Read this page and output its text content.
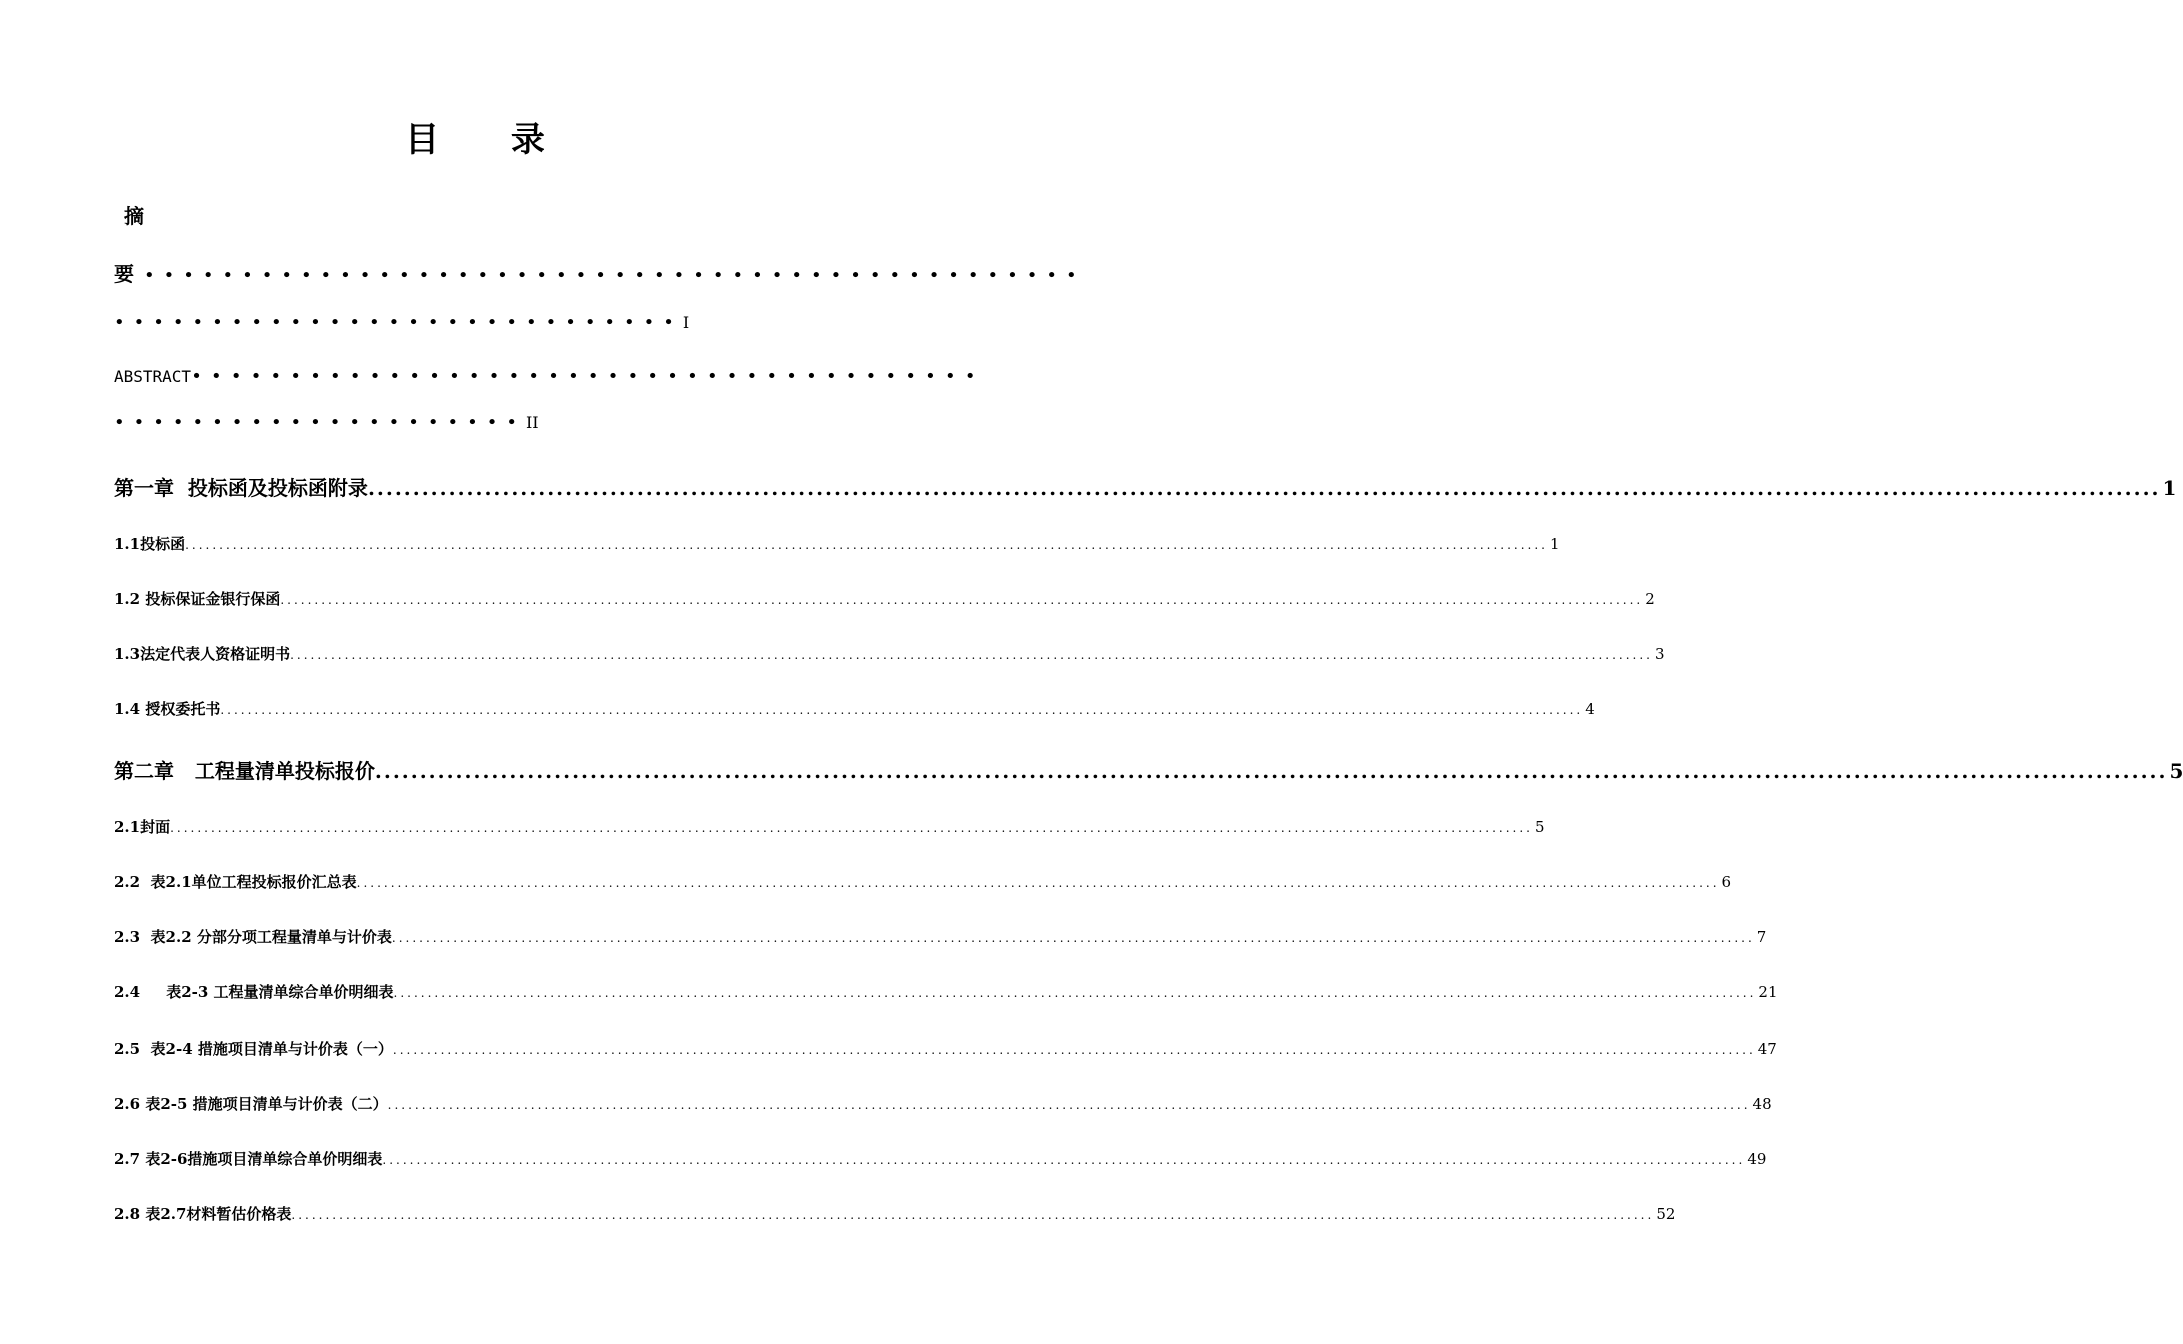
目 录
摘
要 ••••••••••••••••••••••••••••••••••••••••••••••••
•••••••••••••••••••••••••••••I
ABSTRACT••••••••••••••••••••••••••••••••••••••••
•••••••••••••••••••••II
第一章  投标函及投标函附录 ........................................................................................................................................................................................................ 1
1.1投标函 ........................................................................................................................................................................................................ 1
1.2 投标保证金银行保函 ........................................................................................................................................................................................................ 2
1.3法定代表人资格证明书 ........................................................................................................................................................................................................ 3
1.4 授权委托书 ........................................................................................................................................................................................................ 4
第二章   工程量清单投标报价 ........................................................................................................................................................................................................ 5
2.1封面 ........................................................................................................................................................................................................ 5
2.2  表2.1单位工程投标报价汇总表 ........................................................................................................................................................................................................ 6
2.3  表2.2 分部分项工程量清单与计价表 ........................................................................................................................................................................................................ 7
2.4     表2-3 工程量清单综合单价明细表 ........................................................................................................................................................................................................ 21
2.5  表2-4 措施项目清单与计价表（一） ........................................................................................................................................................................................................ 47
2.6 表2-5 措施项目清单与计价表（二） ........................................................................................................................................................................................................ 48
2.7 表2-6措施项目清单综合单价明细表 ........................................................................................................................................................................................................ 49
2.8 表2.7材料暂估价格表 ........................................................................................................................................................................................................ 52
